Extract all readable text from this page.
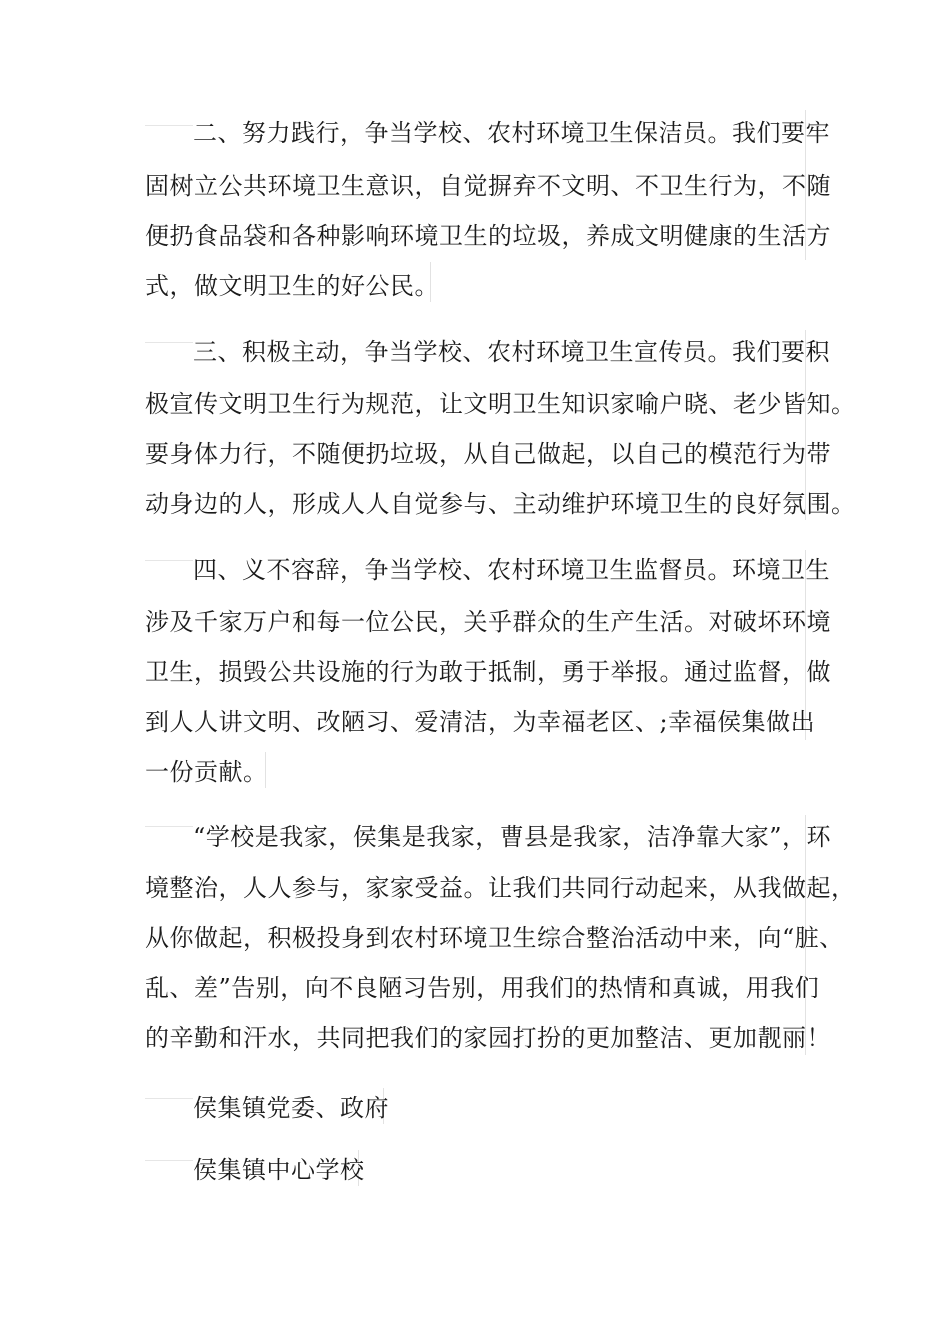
二、努力践行，争当学校、农村环境卫生保洁员。我们要牢
固树立公共环境卫生意识，自觉摒弃不文明、不卫生行为，不随
便扔食品袋和各种影响环境卫生的垃圾，养成文明健康的生活方
式，做文明卫生的好公民。
三、积极主动，争当学校、农村环境卫生宣传员。我们要积
极宣传文明卫生行为规范，让文明卫生知识家喻户晓、老少皆知。
要身体力行，不随便扔垃圾，从自己做起，以自己的模范行为带
动身边的人，形成人人自觉参与、主动维护环境卫生的良好氛围。
四、义不容辞，争当学校、农村环境卫生监督员。环境卫生
涉及千家万户和每一位公民，关乎群众的生产生活。对破坏环境
卫生，损毁公共设施的行为敢于抵制，勇于举报。通过监督，做
到人人讲文明、改陋习、爱清洁，为幸福老区、;幸福侯集做出
一份贡献。
“学校是我家，侯集是我家，曹县是我家，洁净靠大家”，环
境整治，人人参与，家家受益。让我们共同行动起来，从我做起，
从你做起，积极投身到农村环境卫生综合整治活动中来，向“脏、
乱、差”告别，向不良陋习告别，用我们的热情和真诚，用我们
的辛勤和汗水，共同把我们的家园打扮的更加整洁、更加靓丽！
侯集镇党委、政府
侯集镇中心学校
